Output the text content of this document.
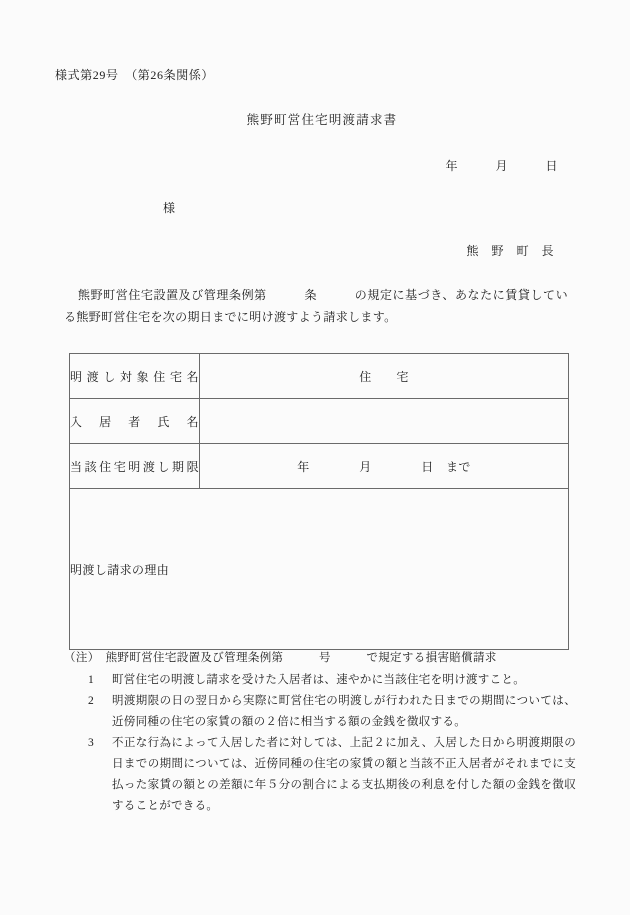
様式第29号　（第26条関係）
熊野町営住宅明渡請求書
年　　　月　　　日
様
熊　野　町　長
熊野町営住宅設置及び管理条例第　　　条　　　の規定に基づき、あなたに賃貸している熊野町営住宅を次の期日までに明け渡すよう請求します。
明渡し対象住宅名	住　　宅

入居者氏名	

当該住宅明渡し期限	年　　　　月　　　　日　まで
明渡し請求の理由	
（注）　熊野町営住宅設置及び管理条例第　　　号　　　で規定する損害賠償請求
1	町営住宅の明渡し請求を受けた入居者は、速やかに当該住宅を明け渡すこと。
2	明渡期限の日の翌日から実際に町営住宅の明渡しが行われた日までの期間については、近傍同種の住宅の家賃の額の２倍に相当する額の金銭を徴収する。
3	不正な行為によって入居した者に対しては、上記２に加え、入居した日から明渡期限の日までの期間については、近傍同種の住宅の家賃の額と当該不正入居者がそれまでに支払った家賃の額との差額に年５分の割合による支払期後の利息を付した額の金銭を徴収することができる。
